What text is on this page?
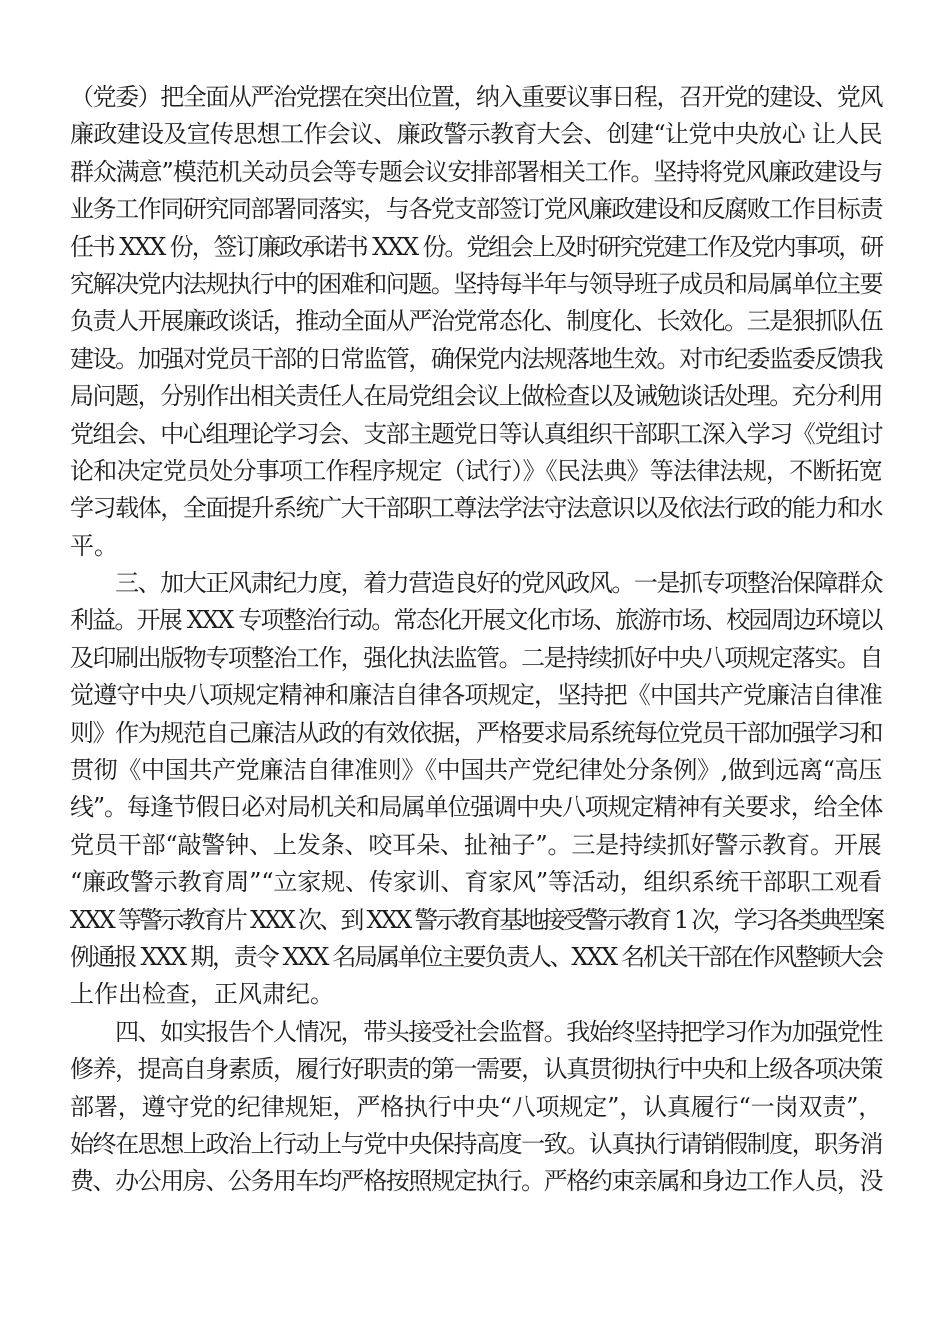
（党委）把全面从严治党摆在突出位置，纳入重要议事日程，召开党的建设、党风
廉政建设及宣传思想工作会议、廉政警示教育大会、创建“让党中央放心 让人民
群众满意”模范机关动员会等专题会议安排部署相关工作。坚持将党风廉政建设与
业务工作同研究同部署同落实，与各党支部签订党风廉政建设和反腐败工作目标责
任书 XXX 份，签订廉政承诺书 XXX 份。党组会上及时研究党建工作及党内事项，研
究解决党内法规执行中的困难和问题。坚持每半年与领导班子成员和局属单位主要
负责人开展廉政谈话，推动全面从严治党常态化、制度化、长效化。三是狠抓队伍
建设。加强对党员干部的日常监管，确保党内法规落地生效。对市纪委监委反馈我
局问题，分别作出相关责任人在局党组会议上做检查以及诫勉谈话处理。充分利用
党组会、中心组理论学习会、支部主题党日等认真组织干部职工深入学习《党组讨
论和决定党员处分事项工作程序规定（试行）》《民法典》等法律法规，不断拓宽
学习载体，全面提升系统广大干部职工尊法学法守法意识以及依法行政的能力和水
平。
　　三、加大正风肃纪力度，着力营造良好的党风政风。一是抓专项整治保障群众
利益。开展 XXX 专项整治行动。常态化开展文化市场、旅游市场、校园周边环境以
及印刷出版物专项整治工作，强化执法监管。二是持续抓好中央八项规定落实。自
觉遵守中央八项规定精神和廉洁自律各项规定，坚持把《中国共产党廉洁自律准
则》作为规范自己廉洁从政的有效依据，严格要求局系统每位党员干部加强学习和
贯彻《中国共产党廉洁自律准则》《中国共产党纪律处分条例》,做到远离“高压
线”。每逢节假日必对局机关和局属单位强调中央八项规定精神有关要求，给全体
党员干部“敲警钟、上发条、咬耳朵、扯袖子”。三是持续抓好警示教育。开展
“廉政警示教育周”“立家规、传家训、育家风”等活动，组织系统干部职工观看
XXX 等警示教育片 XXX 次、到 XXX 警示教育基地接受警示教育 1 次，学习各类典型案
例通报 XXX 期，责令 XXX 名局属单位主要负责人、XXX 名机关干部在作风整顿大会
上作出检查，正风肃纪。
　　四、如实报告个人情况，带头接受社会监督。我始终坚持把学习作为加强党性
修养，提高自身素质，履行好职责的第一需要，认真贯彻执行中央和上级各项决策
部署，遵守党的纪律规矩，严格执行中央“八项规定”，认真履行“一岗双责”，
始终在思想上政治上行动上与党中央保持高度一致。认真执行请销假制度，职务消
费、办公用房、公务用车均严格按照规定执行。严格约束亲属和身边工作人员，没
